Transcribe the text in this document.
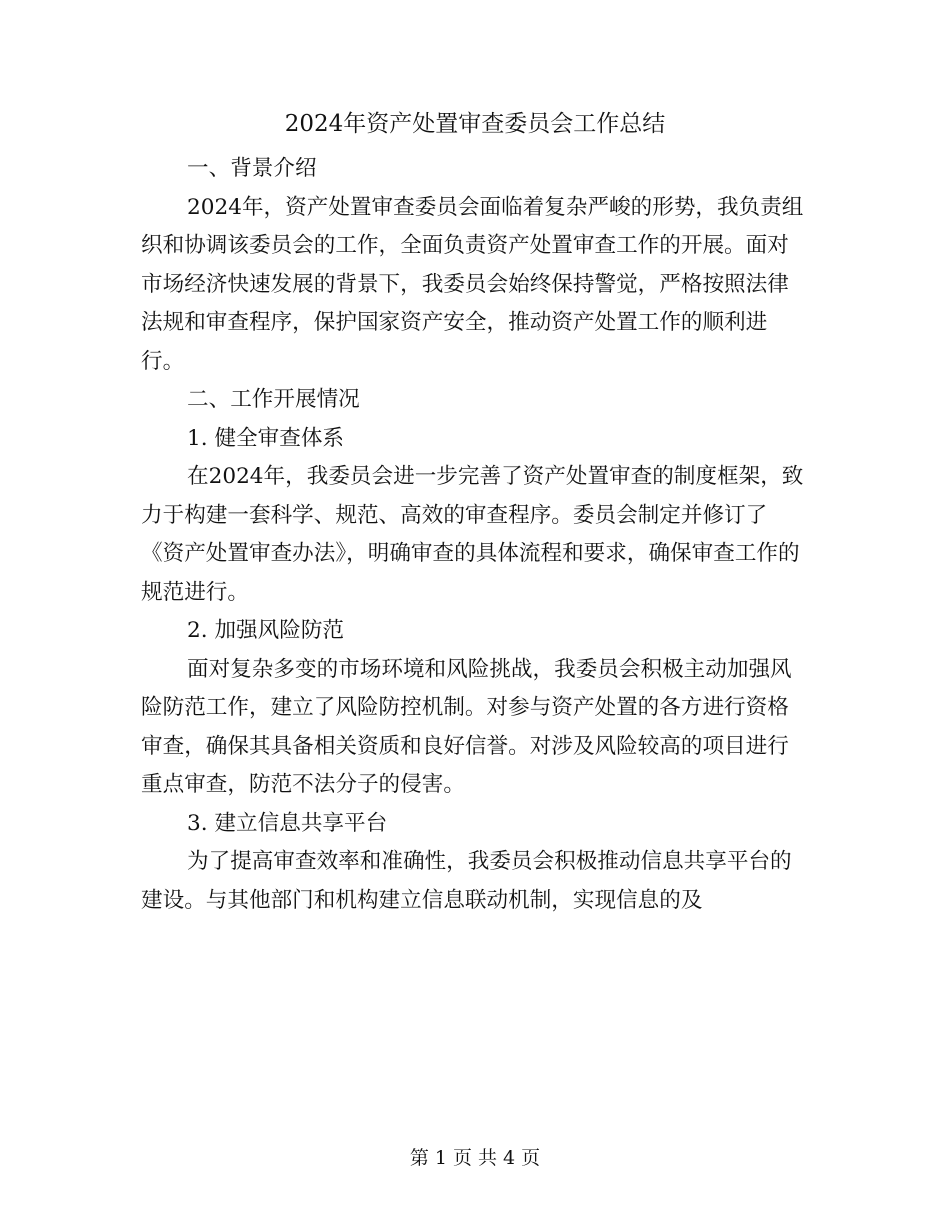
2024年资产处置审查委员会工作总结

一、背景介绍

2024年，资产处置审查委员会面临着复杂严峻的形势，我负责组织和协调该委员会的工作，全面负责资产处置审查工作的开展。面对市场经济快速发展的背景下，我委员会始终保持警觉，严格按照法律法规和审查程序，保护国家资产安全，推动资产处置工作的顺利进行。

二、工作开展情况

1. 健全审查体系

在2024年，我委员会进一步完善了资产处置审查的制度框架，致力于构建一套科学、规范、高效的审查程序。委员会制定并修订了《资产处置审查办法》，明确审查的具体流程和要求，确保审查工作的规范进行。

2. 加强风险防范

面对复杂多变的市场环境和风险挑战，我委员会积极主动加强风险防范工作，建立了风险防控机制。对参与资产处置的各方进行资格审查，确保其具备相关资质和良好信誉。对涉及风险较高的项目进行重点审查，防范不法分子的侵害。

3. 建立信息共享平台

为了提高审查效率和准确性，我委员会积极推动信息共享平台的建设。与其他部门和机构建立信息联动机制，实现信息的及

第 1 页 共 4 页
